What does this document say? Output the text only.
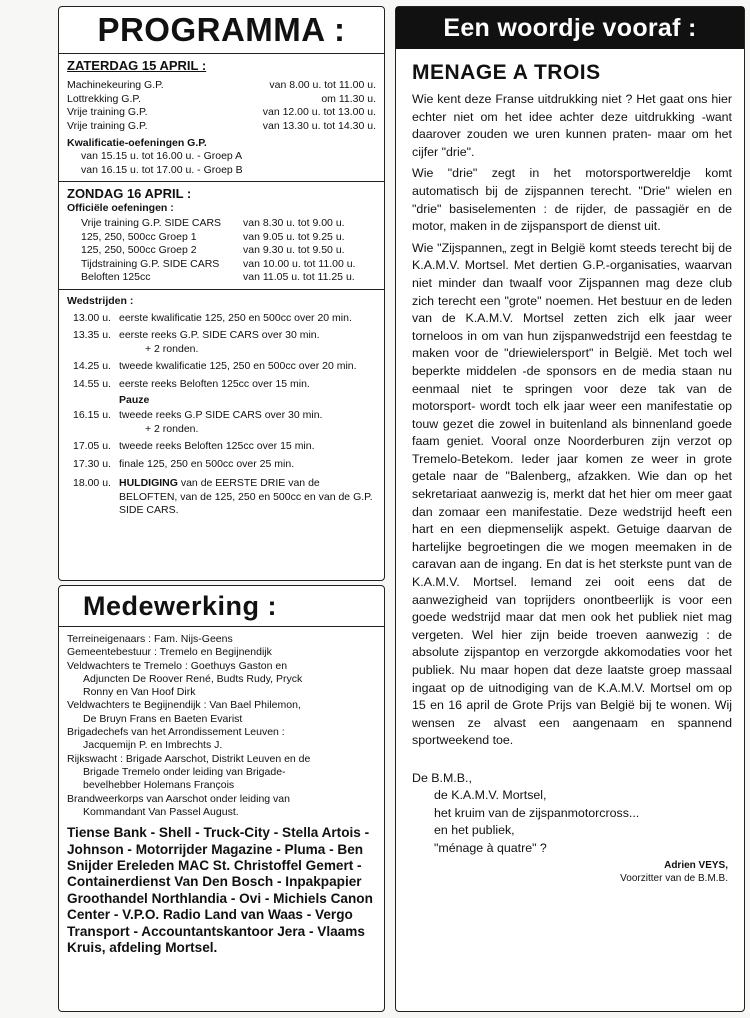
PROGRAMMA :
ZATERDAG 15 APRIL :
Machinekeuring G.P.	van 8.00 u. tot 11.00 u.
Lottrekking G.P.	om 11.30 u.
Vrije training G.P.	van 12.00 u. tot 13.00 u.
Vrije training G.P.	van 13.30 u. tot 14.30 u.
Kwalificatie-oefeningen G.P.
van 15.15 u. tot 16.00 u. - Groep A
van 16.15 u. tot 17.00 u. - Groep B
ZONDAG 16 APRIL :
Officiële oefeningen :
Vrije training G.P. SIDE CARS	van 8.30 u. tot 9.00 u.
125, 250, 500cc Groep 1	van 9.05 u. tot 9.25 u.
125, 250, 500cc Groep 2	van 9.30 u. tot 9.50 u.
Tijdstraining G.P. SIDE CARS	van 10.00 u. tot 11.00 u.
Beloften 125cc	van 11.05 u. tot 11.25 u.
Wedstrijden :
13.00 u. eerste kwalificatie 125, 250 en 500cc over 20 min.
13.35 u. eerste reeks G.P. SIDE CARS over 30 min.
+ 2 ronden.
14.25 u. tweede kwalificatie 125, 250 en 500cc over 20 min.
14.55 u. eerste reeks Beloften 125cc over 15 min.
Pauze
16.15 u. tweede reeks G.P SIDE CARS over 30 min.
+ 2 ronden.
17.05 u. tweede reeks Beloften 125cc over 15 min.
17.30 u. finale 125, 250 en 500cc over 25 min.
18.00 u. HULDIGING van de EERSTE DRIE van de BELOFTEN, van de 125, 250 en 500cc en van de G.P. SIDE CARS.
Medewerking :
Terreineigenaars : Fam. Nijs-Geens
Gemeentebestuur : Tremelo en Begijnendijk
Veldwachters te Tremelo : Goethuys Gaston en
Adjuncten De Roover René, Budts Rudy, Pryck
Ronny en Van Hoof Dirk
Veldwachters te Begijnendijk : Van Bael Philemon,
De Bruyn Frans en Baeten Evarist
Brigadechefs van het Arrondissement Leuven :
Jacquemijn P. en Imbrechts J.
Rijkswacht : Brigade Aarschot, Distrikt Leuven en de
Brigade Tremelo onder leiding van Brigade-
bevelhebber Holemans François
Brandweerkorps van Aarschot onder leiding van
Kommandant Van Passel August.
Tiense Bank - Shell - Truck-City - Stella Artois - Johnson - Motorrijder Magazine - Pluma - Ben Snijder Ereleden MAC St. Christoffel Gemert - Containerdienst Van Den Bosch - Inpakpapier Groothandel Northlandia - Ovi - Michiels Canon Center - V.P.O. Radio Land van Waas - Vergo Transport - Accountantskantoor Jera - Vlaams Kruis, afdeling Mortsel.
Een woordje vooraf :
MENAGE A TROIS

Wie kent deze Franse uitdrukking niet ? Het gaat ons hier echter niet om het idee achter deze uitdrukking -want daarover zouden we uren kunnen praten- maar om het cijfer "drie".

Wie "drie" zegt in het motorsportwereldje komt automatisch bij de zijspannen terecht. "Drie" wielen en "drie" basiselementen : de rijder, de passagiër en de motor, maken in de zijspansport de dienst uit.

Wie "Zijspannen„ zegt in België komt steeds terecht bij de K.A.M.V. Mortsel. Met dertien G.P.-organisaties, waarvan niet minder dan twaalf voor Zijspannen mag deze club zich terecht een "grote" noemen. Het bestuur en de leden van de K.A.M.V. Mortsel zetten zich elk jaar weer torneloos in om van hun zijspanwedstrijd een feestdag te maken voor de "driewielersport" in België. Met toch wel beperkte middelen -de sponsors en de media staan nu eenmaal niet te springen voor deze tak van de motorsport- wordt toch elk jaar weer een manifestatie op touw gezet die zowel in buitenland als binnenland goede faam geniet. Vooral onze Noorderburen zijn verzot op Tremelo-Betekom. Ieder jaar komen ze weer in grote getale naar de "Balenberg„ afzakken. Wie dan op het sekretariaat aanwezig is, merkt dat het hier om meer gaat dan zomaar een manifestatie. Deze wedstrijd heeft een hart en een diepmenselijk aspekt. Getuige daarvan de hartelijke begroetingen die we mogen meemaken in de caravan aan de ingang. En dat is het sterkste punt van de K.A.M.V. Mortsel. Iemand zei ooit eens dat de aanwezigheid van toprijders onontbeerlijk is voor een goede wedstrijd maar dat men ook het publiek niet mag vergeten. Wel hier zijn beide troeven aanwezig : de absolute zijspantop en verzorgde akkomodaties voor het publiek. Nu maar hopen dat deze laatste groep massaal ingaat op de uitnodiging van de K.A.M.V. Mortsel om op 15 en 16 april de Grote Prijs van België bij te wonen. Wij wensen ze alvast een aangenaam en spannend sportweekend toe.

De B.M.B.,
de K.A.M.V. Mortsel,
het kruim van de zijspanmotorcross...
en het publiek,
"ménage à quatre" ?
Adrien VEYS,
Voorzitter van de B.M.B.
